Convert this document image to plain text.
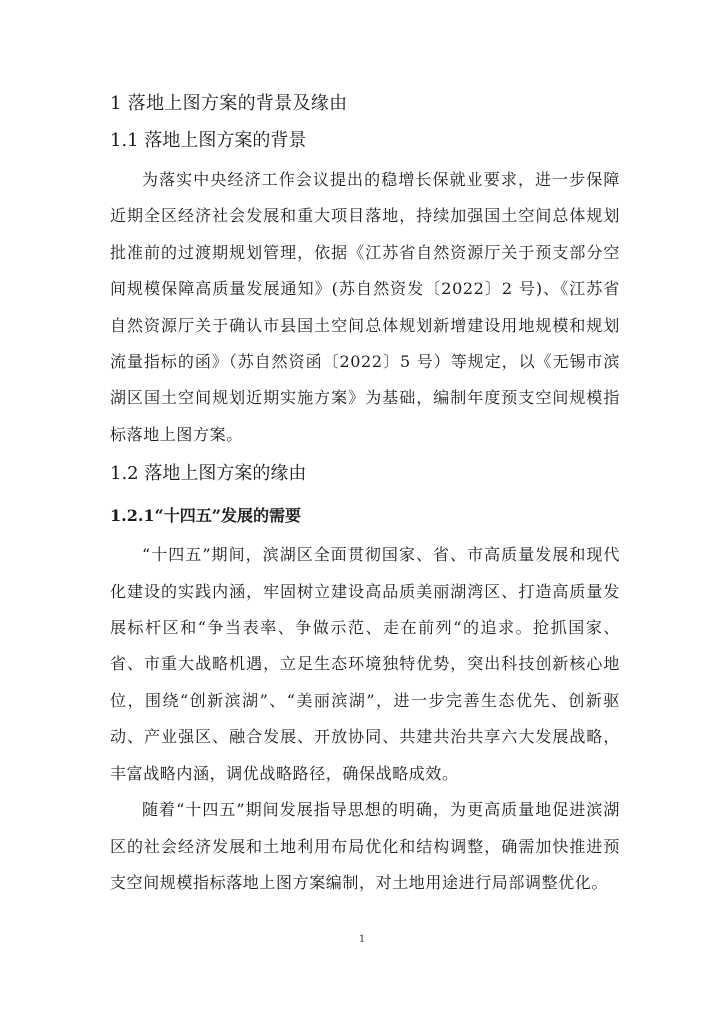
1 落地上图方案的背景及缘由
1.1 落地上图方案的背景

为落实中央经济工作会议提出的稳增长保就业要求，进一步保障近期全区经济社会发展和重大项目落地，持续加强国土空间总体规划批准前的过渡期规划管理，依据《江苏省自然资源厅关于预支部分空间规模保障高质量发展通知》(苏自然资发〔2022〕2 号)、《江苏省自然资源厅关于确认市县国土空间总体规划新增建设用地规模和规划流量指标的函》（苏自然资函〔2022〕5 号）等规定，以《无锡市滨湖区国土空间规划近期实施方案》为基础，编制年度预支空间规模指标落地上图方案。

1.2 落地上图方案的缘由
1.2.1“十四五”发展的需要

“十四五”期间，滨湖区全面贯彻国家、省、市高质量发展和现代化建设的实践内涵，牢固树立建设高品质美丽湖湾区、打造高质量发展标杆区和“争当表率、争做示范、走在前列“的追求。抢抓国家、省、市重大战略机遇，立足生态环境独特优势，突出科技创新核心地位，围绕“创新滨湖”、“美丽滨湖”，进一步完善生态优先、创新驱动、产业强区、融合发展、开放协同、共建共治共享六大发展战略，丰富战略内涵，调优战略路径，确保战略成效。

随着“十四五”期间发展指导思想的明确，为更高质量地促进滨湖区的社会经济发展和土地利用布局优化和结构调整，确需加快推进预支空间规模指标落地上图方案编制，对土地用途进行局部调整优化。

1
